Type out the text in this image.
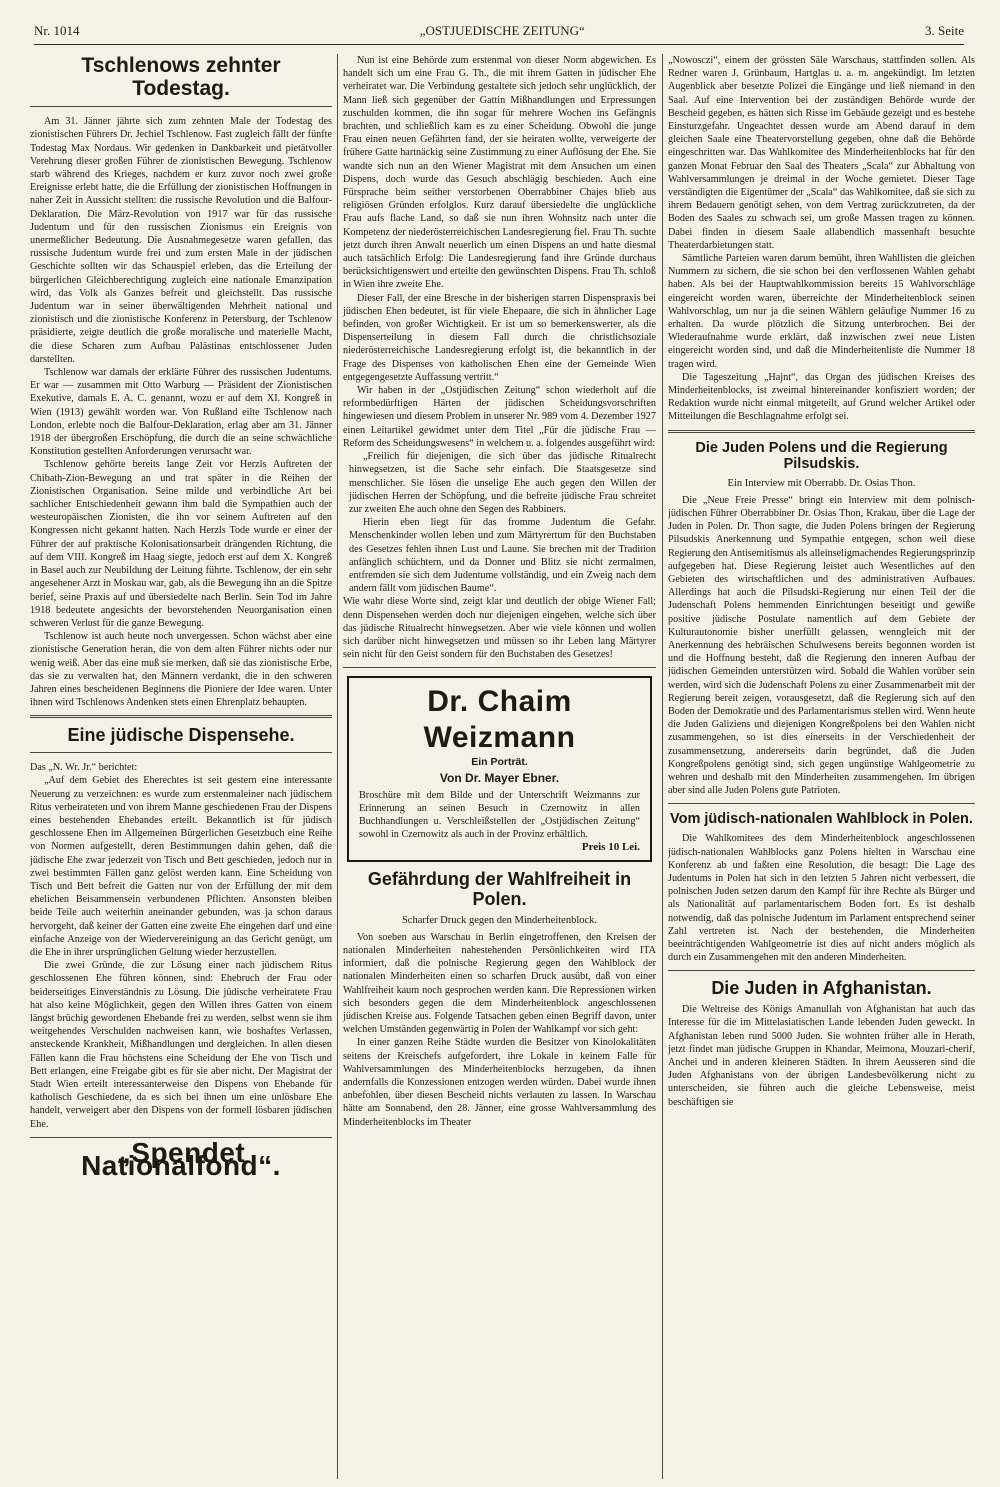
Nr. 1014	„OSTJUEDISCHE ZEITUNG“	3. Seite
Tschlenows zehnter Todestag.

Am 31. Jänner jährte sich zum zehnten Male der Todestag des zionistischen Führers Dr. Jechiel Tschlenow. Fast zugleich fällt der fünfte Todestag Max Nordaus. Wir gedenken in Dankbarkeit und pietätvoller Verehrung dieser großen Führer de zionistischen Bewegung. Tschlenow starb während des Krieges, nachdem er kurz zuvor noch zwei große Ereignisse erlebt hatte, die die Erfüllung der zionistischen Hoffnungen in naher Zeit in Aussicht stellten: die russische Revolution und die Balfour-Deklaration. Die März-Revolution von 1917 war für das russische Judentum und für den russischen Zionismus ein Ereignis von unermeßlicher Bedeutung. Die Ausnahmegesetze waren gefallen, das russische Judentum wurde frei und zum ersten Male in der jüdischen Geschichte sollten wir das Schauspiel erleben, das die Erteilung der bürgerlichen Gleichberechtigung zugleich eine nationale Emanzipation wird, das Volk als Ganzes befreit und gleichstellt. Das russische Judentum war in seiner überwältigenden Mehrheit national und zionistisch und die zionistische Konferenz in Petersburg, der Tschlenow präsidierte, zeigte deutlich die große moralische und materielle Macht, die diese Scharen zum Aufbau Palästinas entschlossener Juden darstellten.

Tschlenow war damals der erklärte Führer des russischen Judentums. Er war — zusammen mit Otto Warburg — Präsident der Zionistischen Exekutive, damals E. A. C. genannt, wozu er auf dem XI. Kongreß in Wien (1913) gewählt worden war. Von Rußland eilte Tschlenow nach London, erlebte noch die Balfour-Deklaration, erlag aber am 31. Jänner 1918 der übergroßen Erschöpfung, die durch die an seine schwächliche Konstitution gestellten Anforderungen verursacht war.

Tschlenow gehörte bereits lange Zeit vor Herzls Auftreten der Chibath-Zion-Bewegung an und trat später in die Reihen der Zionistischen Organisation. Seine milde und verbindliche Art bei sachlicher Entschiedenheit gewann ihm bald die Sympathien auch der westeuropäischen Zionisten, die ihn vor seinem Auftreten auf den Kongressen nicht gekannt hatten. Nach Herzls Tode wurde er einer der Führer der auf praktische Kolonisationsarbeit drängenden Richtung, die auf dem VIII. Kongreß im Haag siegte, jedoch erst auf dem X. Kongreß in Basel auch zur Neubildung der Leitung führte. Tschlenow, der ein sehr angesehener Arzt in Moskau war, gab, als die Bewegung ihn an die Spitze berief, seine Praxis auf und übersiedelte nach Berlin. Sein Tod im Jahre 1918 bedeutete angesichts der bevorstehenden Neuorganisation einen schweren Verlust für die ganze Bewegung.

Tschlenow ist auch heute noch unvergessen. Schon wächst aber eine zionistische Generation heran, die von dem alten Führer nichts oder nur wenig weiß. Aber das eine muß sie merken, daß sie das zionistische Erbe, das sie zu verwalten hat, den Männern verdankt, die in den schweren Jahren eines bescheidenen Beginnens die Pioniere der Idee waren. Unter ihnen wird Tschlenows Andenken stets einen Ehrenplatz behaupten.

Eine jüdische Dispensehe.

Das „N. Wr. Jr.“ berichtet:

„Auf dem Gebiet des Eherechtes ist seit gestern eine interessante Neuerung zu verzeichnen: es wurde zum erstenmaleiner nach jüdischem Ritus verheirateten und von ihrem Manne geschiedenen Frau der Dispens eines bestehenden Ehebandes erteilt. Bekanntlich ist für jüdisch geschlossene Ehen im Allgemeinen Bürgerlichen Gesetzbuch eine Reihe von Normen aufgestellt, deren Bestimmungen dahin gehen, daß die jüdische Ehe zwar jederzeit von Tisch und Bett geschieden, jedoch nur in zwei bestimmten Fällen ganz gelöst werden kann. Eine Scheidung von Tisch und Bett befreit die Gatten nur von der Erfüllung der mit dem ehelichen Beisammensein verbundenen Pflichten. Ansonsten bleiben beide Teile auch weiterhin aneinander gebunden, was ja schon daraus hervorgeht, daß keiner der Gatten eine zweite Ehe eingehen darf und eine einfache Anzeige von der Wiedervereinigung an das Gericht genügt, um die Ehe in ihrer ursprünglichen Geltung wieder herzustellen.

Die zwei Gründe, die zur Lösung einer nach jüdischem Ritus geschlossenen Ehe führen können, sind: Ehebruch der Frau oder beiderseitiges Einverständnis zu Lösung. Die jüdische verheiratete Frau hat also keine Möglichkeit, gegen den Willen ihres Gatten von einem längst brüchig gewordenen Ehebande frei zu werden, selbst wenn sie ihm weitgehendes Verschulden nachweisen kann, wie boshaftes Verlassen, ansteckende Krankheit, Mißhandlungen und dergleichen. In allen diesen Fällen kann die Frau höchstens eine Scheidung der Ehe von Tisch und Bett erlangen, eine Freigabe gibt es für sie aber nicht. Der Magistrat der Stadt Wien erteilt interessanterweise den Dispens von Ehebande für katholisch Geschiedene, da es sich bei ihnen um eine unlösbare Ehe handelt, verweigert aber den Dispens von der formell lösbaren jüdischen Ehe.

„Spendet Nationalfond“.

Nun ist eine Behörde zum erstenmal von dieser Norm abgewichen. Es handelt sich um eine Frau G. Th., die mit ihrem Gatten in jüdischer Ehe verheiratet war. Die Verbindung gestaltete sich jedoch sehr unglücklich, der Mann ließ sich gegenüber der Gattin Mißhandlungen und Erpressungen zuschulden kommen, die ihn sogar für mehrere Wochen ins Gefängnis brachten, und schließlich kam es zu einer Scheidung. Obwohl die junge Frau einen neuen Gefährten fand, der sie heiraten wollte, verweigerte der frühere Gatte hartnäckig seine Zustimmung zu einer Auflösung der Ehe. Sie wandte sich nun an den Wiener Magistrat mit dem Ansuchen um einen Dispens, doch wurde das Gesuch abschlägig beschieden. Auch eine Fürsprache beim seither verstorbenen Oberrabbiner Chajes blieb aus religiösen Gründen erfolglos. Kurz darauf übersiedelte die unglückliche Frau aufs flache Land, so daß sie nun ihren Wohnsitz nach unter die Kompetenz der niederösterreichischen Landesregierung fiel. Frau Th. suchte jetzt durch ihren Anwalt neuerlich um einen Dispens an und hatte diesmal auch tatsächlich Erfolg: Die Landesregierung fand ihre Gründe durchaus berücksichtigenswert und erteilte den gewünschten Dispens. Frau Th. schloß in Wien ihre zweite Ehe.

Dieser Fall, der eine Bresche in der bisherigen starren Dispenspraxis bei jüdischen Ehen bedeutet, ist für viele Ehepaare, die sich in ähnlicher Lage befinden, von großer Wichtigkeit. Er ist um so bemerkenswerter, als die Dispenserteilung in diesem Fall durch die christlichsoziale niederösterreichische Landesregierung erfolgt ist, die bekanntlich in der Frage des Dispenses von katholischen Ehen eine der Gemeinde Wien entgegengesetzte Auffassung vertritt.“

Wir haben in der „Ostjüdischen Zeitung“ schon wiederholt auf die reformbedürftigen Härten der jüdischen Scheidungsvorschriften hingewiesen und diesem Problem in unserer Nr. 989 vom 4. Dezember 1927 einen Leitartikel gewidmet unter dem Titel „Für die jüdische Frau — Reform des Scheidungswesens“ in welchem u. a. folgendes ausgeführt wird:

„Freilich für diejenigen, die sich über das jüdische Ritualrecht hinwegsetzen, ist die Sache sehr einfach. Die Staatsgesetze sind menschlicher. Sie lösen die unselige Ehe auch gegen den Willen der jüdischen Herren der Schöpfung, und die befreite jüdische Frau schreitet zur zweiten Ehe auch ohne den Segen des Rabbiners.

Hierin eben liegt für das fromme Judentum die Gefahr. Menschenkinder wollen leben und zum Märtyrertum für den Buchstaben des Gesetzes fehlen ihnen Lust und Laune. Sie brechen mit der Tradition anfänglich schüchtern, und da Donner und Blitz sie nicht zermalmen, entfremden sie sich dem Judentume vollständig, und ein Zweig nach dem andern fällt vom jüdischen Baume“.

Wie wahr diese Worte sind, zeigt klar und deutlich der obige Wiener Fall; denn Dispensehen werden doch nur diejenigen eingehen, welche sich über das jüdische Ritualrecht hinwegsetzen. Aber wie viele können und wollen sich darüber nicht hinwegsetzen und müssen so ihr Leben lang Märtyrer sein nicht für den Geist sondern für den Buchstaben des Gesetzes!

Dr. Chaim Weizmann
Ein Porträt.
Von Dr. Mayer Ebner.
Broschüre mit dem Bilde und der Unterschrift Weizmanns zur Erinnerung an seinen Besuch in Czernowitz in allen Buchhandlungen u. Verschleißstellen der „Ostjüdischen Zeitung“ sowohl in Czernowitz als auch in der Provinz erhältlich.
Preis 10 Lei.
Gefährdung der Wahlfreiheit in Polen.
Scharfer Druck gegen den Minderheitenblock.

Von soeben aus Warschau in Berlin eingetroffenen, den Kreisen der nationalen Minderheiten nahestehenden Persönlichkeiten wird ITA informiert, daß die polnische Regierung gegen den Wahlblock der nationalen Minderheiten einen so scharfen Druck ausübt, daß von einer Wahlfreiheit kaum noch gesprochen werden kann. Die Repressionen wirken sich besonders gegen die dem Minderheitenblock angeschlossenen jüdischen Kreise aus. Folgende Tatsachen geben einen Begriff davon, unter welchen Umständen gegenwärtig in Polen der Wahlkampf vor sich geht:

In einer ganzen Reihe Städte wurden die Besitzer von Kinolokalitäten seitens der Kreischefs aufgefordert, ihre Lokale in keinem Falle für Wahlversammlungen des Minderheitenblocks herzugeben, da ihnen andernfalls die Konzessionen entzogen werden würden. Dabei wurde ihnen anbefohlen, über diesen Bescheid nichts verlauten zu lassen. In Warschau hätte am Sonnabend, den 28. Jänner, eine grosse Wahlversammlung des Minderheitenblocks im Theater

„Nowosczi“, einem der grössten Säle Warschaus, stattfinden sollen. Als Redner waren J. Grünbaum, Hartglas u. a. m. angekündigt. Im letzten Augenblick aber besetzte Polizei die Eingänge und ließ niemand in den Saal. Auf eine Intervention bei der zuständigen Behörde wurde der Bescheid gegeben, es hätten sich Risse im Gebäude gezeigt und es bestehe Einsturzgefahr. Ungeachtet dessen wurde am Abend darauf in dem gleichen Saale eine Theatervorstellung gegeben, ohne daß die Behörde eingeschritten war. Das Wahlkomitee des Minderheitenblocks hat für den ganzen Monat Februar den Saal des Theaters „Scala“ zur Abhaltung von Wahlversammlungen je dreimal in der Woche gemietet. Dieser Tage verständigten die Eigentümer der „Scala“ das Wahlkomitee, daß sie sich zu ihrem Bedauern genötigt sehen, von dem Vertrag zurückzutreten, da der Boden des Saales zu schwach sei, um große Massen tragen zu können. Dabei finden in diesem Saale allabendlich massenhaft besuchte Theaterdarbietungen statt.

Sämtliche Parteien waren darum bemüht, ihren Wahllisten die gleichen Nummern zu sichern, die sie schon bei den verflossenen Wahlen gehabt haben. Als bei der Hauptwahlkommission bereits 15 Wahlvorschläge eingereicht worden waren, überreichte der Minderheitenblock seinen Wahlvorschlag, um nur ja die seinen Wählern geläufige Nummer 16 zu erhalten. Da wurde plötzlich die Sitzung unterbrochen. Bei der Wiederaufnahme wurde erklärt, daß inzwischen zwei neue Listen eingereicht worden sind, und daß die Minderheitenliste die Nummer 18 tragen wird.

Die Tageszeitung „Hajnt“, das Organ des jüdischen Kreises des Minderheitenblocks, ist zweimal hintereinander konfisziert worden; der Redaktion wurde nicht einmal mitgeteilt, auf Grund welcher Artikel oder Mitteilungen die Beschlagnahme erfolgt sei.

Die Juden Polens und die Regierung Pilsudskis.
Ein Interview mit Oberrabb. Dr. Osias Thon.

Die „Neue Freie Presse“ bringt ein Interview mit dem polnisch-jüdischen Führer Oberrabbiner Dr. Osias Thon, Krakau, über die Lage der Juden in Polen. Dr. Thon sagte, die Juden Polens bringen der Regierung Pilsudskis Anerkennung und Sympathie entgegen, schon weil diese Regierung den Antisemitismus als alleinseligmachendes Regierungsprinzip aufgegeben hat. Diese Regierung leistet auch Wesentliches auf den Gebieten des wirtschaftlichen und des administrativen Aufbaues. Allerdings hat auch die Pilsudski-Regierung nur einen Teil der die Judenschaft Polens hemmenden Einrichtungen beseitigt und gewiße positive jüdische Postulate namentlich auf dem Gebiete der Kulturautonomie bisher unerfüllt gelassen, wenngleich mit der Anerkennung des hebräischen Schulwesens bereits begonnen worden ist und die Hoffnung besteht, daß die Regierung den inneren Aufbau der jüdischen Gemeinden unterstützen wird. Sobald die Wahlen vorüber sein werden, wird sich die Judenschaft Polens zu einer Zusammenarbeit mit der Regierung bereit zeigen, vorausgesetzt, daß die Regierung sich auf den Boden der Demokratie und des Parlamentarismus stellen wird. Wenn heute die Juden Galiziens und diejenigen Kongreßpolens bei den Wahlen nicht zusammengehen, so ist dies einerseits in der Verschiedenheit der zusammensetzung, andererseits darin begründet, daß die Juden Kongreßpolens genötigt sind, sich gegen ungünstige Wahlgeometrie zu wehren und deshalb mit den Minderheiten zusammengehen. Im übrigen aber sind alle Juden Polens gute Patrioten.

Vom jüdisch-nationalen Wahlblock in Polen.

Die Wahlkomitees des dem Minderheitenblock angeschlossenen jüdisch-nationalen Wahlblocks ganz Polens hielten in Warschau eine Konferenz ab und faßten eine Resolution, die besagt: Die Lage des Judentums in Polen hat sich in den letzten 5 Jahren nicht verbessert, die polnischen Juden setzen darum den Kampf für ihre Rechte als Bürger und als Nationalität auf parlamentarischem Boden fort. Es ist deshalb notwendig, daß das polnische Judentum im Parlament entsprechend seiner Zahl vertreten ist. Nach der bestehenden, die Minderheiten beeinträchtigenden Wahlgeometrie ist dies auf nicht anders möglich als durch ein Zusammengehen mit den anderen Minderheiten.

Die Juden in Afghanistan.

Die Weltreise des Königs Amanullah von Afghanistan hat auch das Interesse für die im Mittelasiatischen Lande lebenden Juden geweckt. In Afghanistan leben rund 5000 Juden. Sie wohnten früher alle in Herath, jetzt findet man jüdische Gruppen in Khandar, Meimona, Mouzari-cherif, Anchei und in anderen kleineren Städten. In ihrem Aeusseren sind die Juden Afghanistans von der übrigen Landesbevölkerung nicht zu unterscheiden, sie führen auch die gleiche Lebensweise, meist beschäftigen sie
